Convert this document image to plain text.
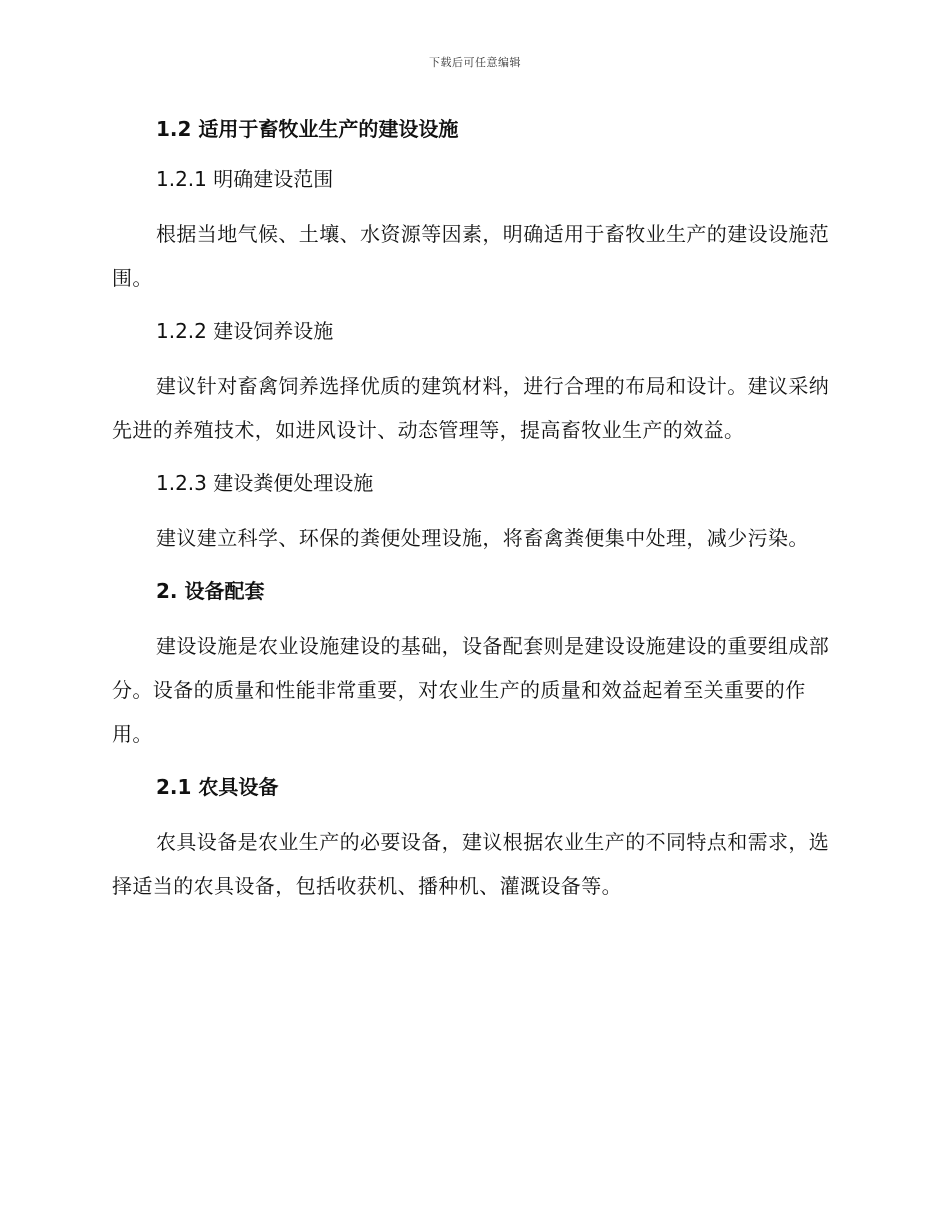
下载后可任意编辑
1.2 适用于畜牧业生产的建设设施
1.2.1 明确建设范围

根据当地气候、土壤、水资源等因素，明确适用于畜牧业生产的建设设施范围。

1.2.2 建设饲养设施

建议针对畜禽饲养选择优质的建筑材料，进行合理的布局和设计。建议采纳先进的养殖技术，如进风设计、动态管理等，提高畜牧业生产的效益。

1.2.3 建设粪便处理设施

建议建立科学、环保的粪便处理设施，将畜禽粪便集中处理，减少污染。

2. 设备配套

建设设施是农业设施建设的基础，设备配套则是建设设施建设的重要组成部分。设备的质量和性能非常重要，对农业生产的质量和效益起着至关重要的作用。

2.1 农具设备

农具设备是农业生产的必要设备，建议根据农业生产的不同特点和需求，选择适当的农具设备，包括收获机、播种机、灌溉设备等。
